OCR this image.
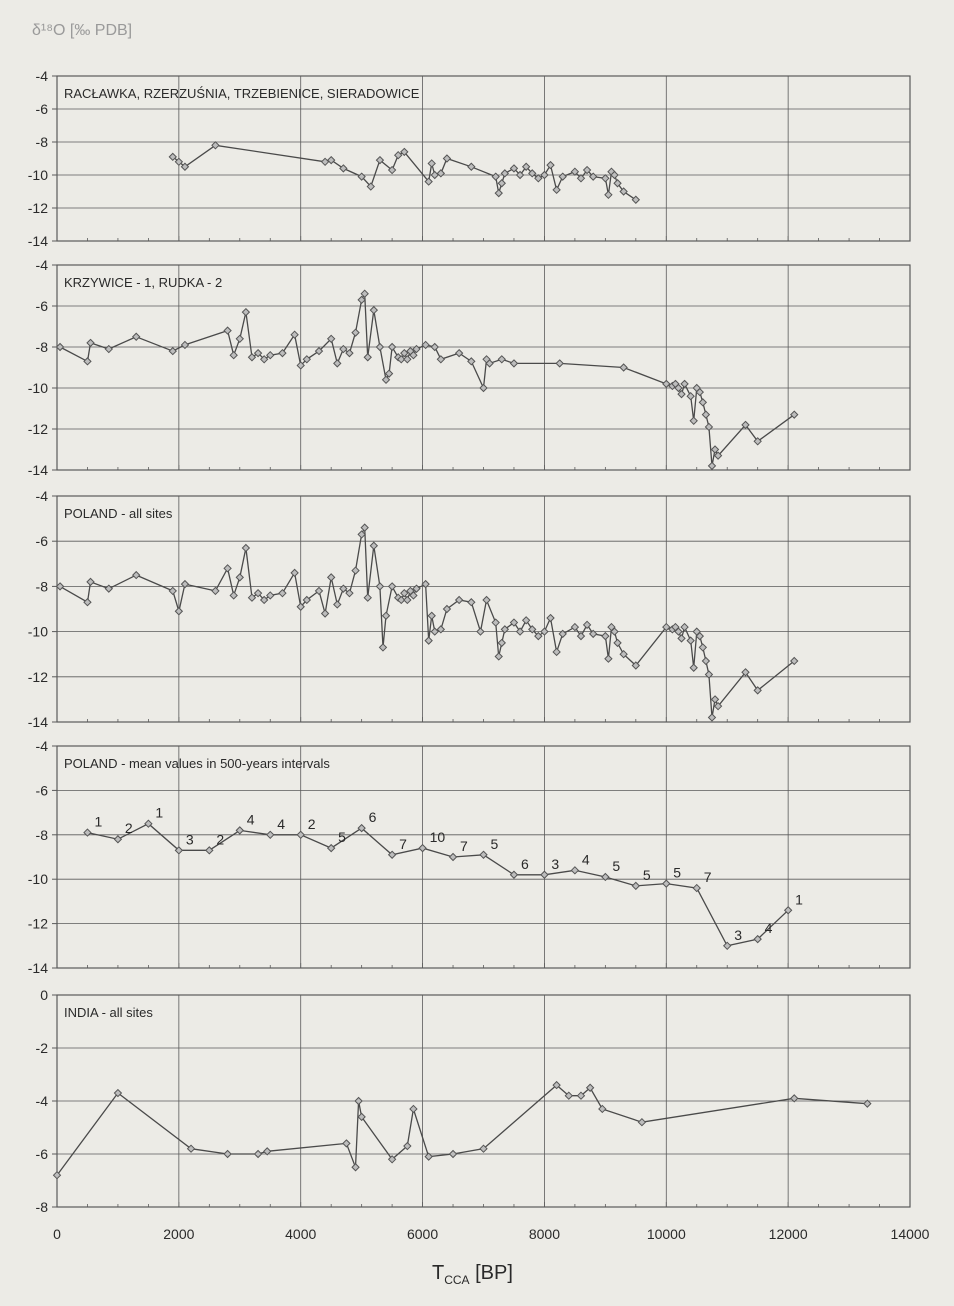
δ¹⁸O [‰ PDB]
-4
-6
-8
-10
-12
-14
RACŁAWKA, RZERZUŚNIA, TRZEBIENICE, SIERADOWICE
-4
-6
-8
-10
-12
-14
KRZYWICE - 1, RUDKA - 2
-4
-6
-8
-10
-12
-14
POLAND - all sites
-4
-6
-8
-10
-12
-14
POLAND - mean values in 500-years intervals
1 2
1
3 2
4 4 2
5
6
7 10
7 5
6 3 4 5
5 5 7
3 4
1
0
-2
-4
-6
-8
INDIA - all sites
0	2000	4000	6000	8000	10000	12000	14000
$T_{CCA}$ [BP]
